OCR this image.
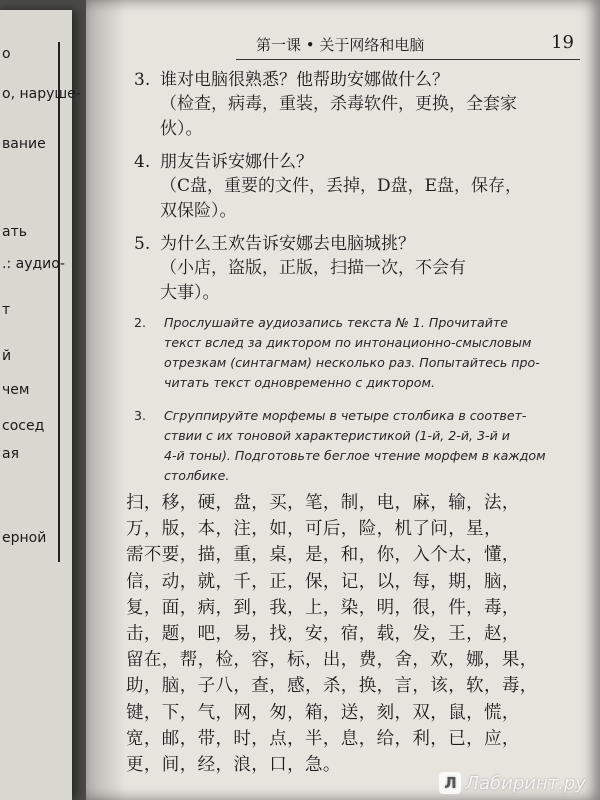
о
о, наруше-
вание
ать
.: аудио-
т
й
чем
сосед
ая
ерной
第一课 • 关于网络和电脑	19
3. 谁对电脑很熟悉？他帮助安娜做什么？
（检查，病毒，重装，杀毒软件，更换，全套家
伙）。
4. 朋友告诉安娜什么？
（C盘，重要的文件，丢掉，D盘，E盘，保存，
双保险）。
5. 为什么王欢告诉安娜去电脑城挑？
（小店，盗版，正版，扫描一次，不会有
大事）。
2. Прослушайте аудиозапись текста № 1. Прочитайте
текст вслед за диктором по интонационно-смысловым
отрезкам (синтагмам) несколько раз. Попытайтесь про-
читать текст одновременно с диктором.
3. Сгруппируйте морфемы в четыре столбика в соответ-
ствии с их тоновой характеристикой (1-й, 2-й, 3-й и
4-й тоны). Подготовьте беглое чтение морфем в каждом
столбике.
扫，移，硬，盘，买，笔，制，电，麻，输，法，
万，版，本，注，如，可后，险，机了问，星，
需不要，描，重，桌，是，和，你，入个太，懂，
信，动，就，千，正，保，记，以，每，期，脑，
复，面，病，到，我，上，染，明，很，件，毒，
击，题，吧，易，找，安，宿，载，发，王，赵，
留在，帮，检，容，标，出，费，舍，欢，娜，果，
助，脑，子八，查，感，杀，换，言，该，软，毒，
键，下，气，网，匆，箱，送，刻，双，鼠，慌，
宽，邮，带，时，点，半，息，给，利，已，应，
更，间，经，浪，口，急。
Л Лабиринт.ру
